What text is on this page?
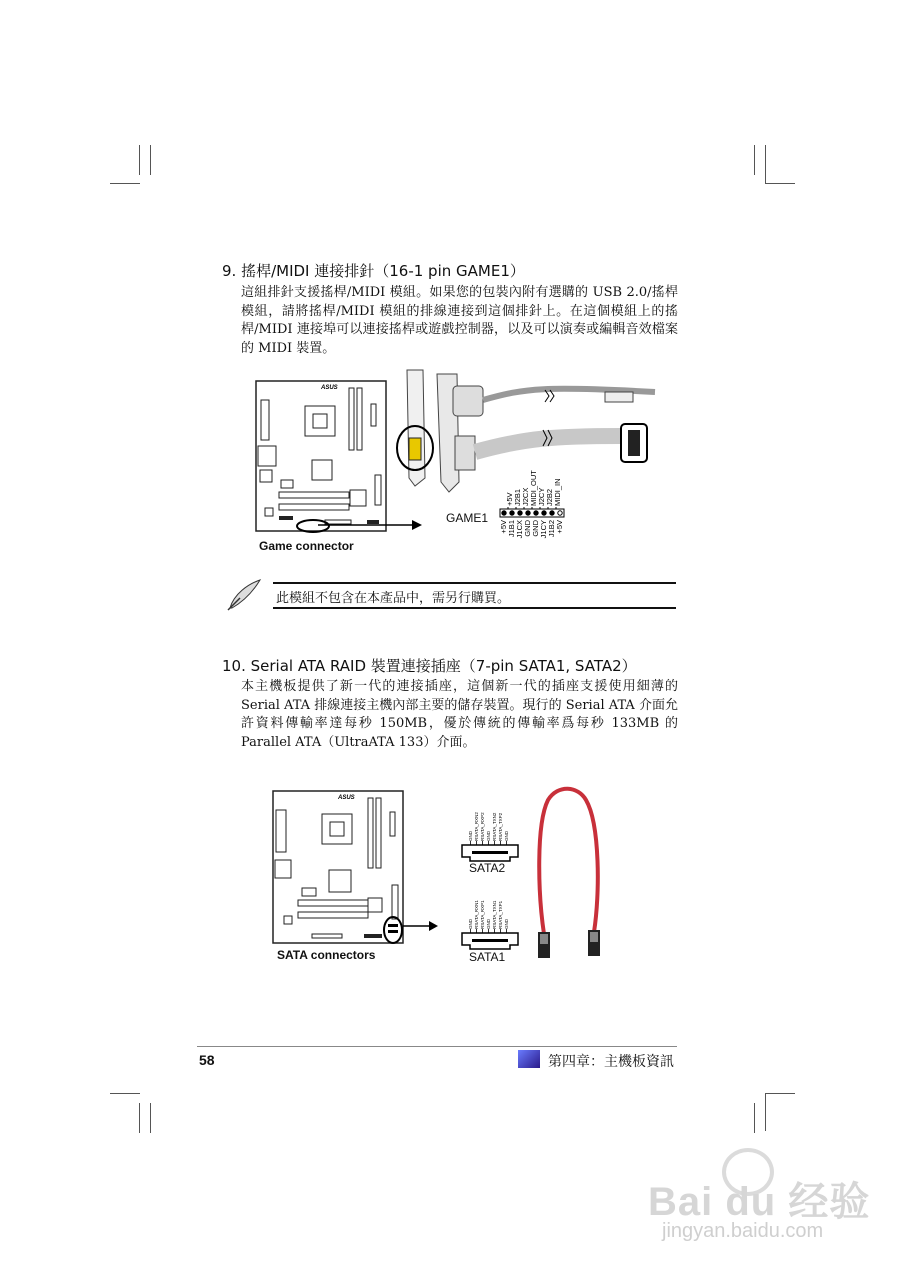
9. 搖桿/MIDI 連接排針（16-1 pin GAME1）
這組排針支援搖桿/MIDI 模組。如果您的包裝內附有選購的 USB 2.0/搖桿模組，請將搖桿/MIDI 模組的排線連接到這個排針上。在這個模組上的搖桿/MIDI 連接埠可以連接搖桿或遊戲控制器，以及可以演奏或編輯音效檔案的 MIDI 裝置。
ASUS
Game connector
GAME1
+5V J2B1 J2CX MIDI_OUT J2CY J2B2 MIDI_IN
+5V J1B1 J1CX GND GND J1CY J1B2 +5V
此模組不包含在本產品中，需另行購買。
10. Serial ATA RAID 裝置連接插座（7-pin SATA1, SATA2）
本主機板提供了新一代的連接插座，這個新一代的插座支援使用細薄的 Serial ATA 排線連接主機內部主要的儲存裝置。現行的 Serial ATA 介面允許資料傳輸率達每秒 150MB，優於傳統的傳輸率爲每秒 133MB 的 Parallel ATA（UltraATA 133）介面。
ASUS
SATA connectors
GND RSATA_RXN2 RSATA_RXP2 GND RSATA_TXN2 RSATA_TXP2 GND
SATA2
GND RSATA_RXN1 RSATA_RXP1 GND RSATA_TXN1 RSATA_TXP1 GND
SATA1
58	第四章：主機板資訊
Bai du 经验
jingyan.baidu.com
